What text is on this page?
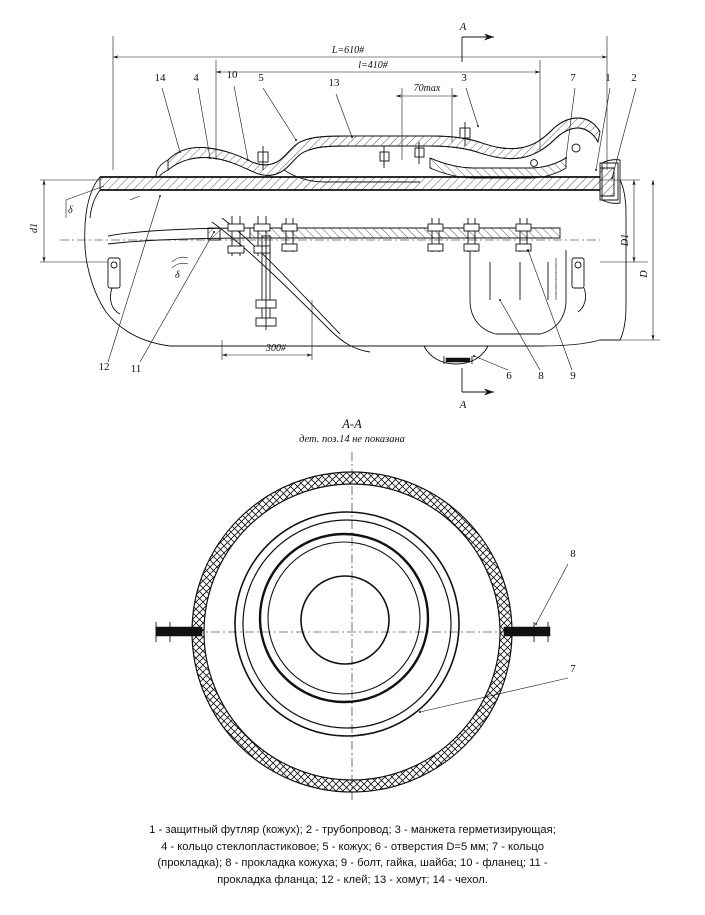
А
А
L=610#
l=410#
70max
300#
d1
δ
D1
D
δ
14	4	10 5	13	3	7	1 2
12 11
6 8 9
А-А
дет. поз.14 не показана
8
7
1 - защитный футляр (кожух); 2 - трубопровод; 3 - манжета герметизирующая;
4 - кольцо стеклопластиковое; 5 - кожух; 6 - отверстия D=5 мм; 7 - кольцо
(прокладка); 8 - прокладка кожуха; 9 - болт, гайка, шайба; 10 - фланец; 11 -
прокладка фланца; 12 - клей; 13 - хомут; 14 - чехол.
